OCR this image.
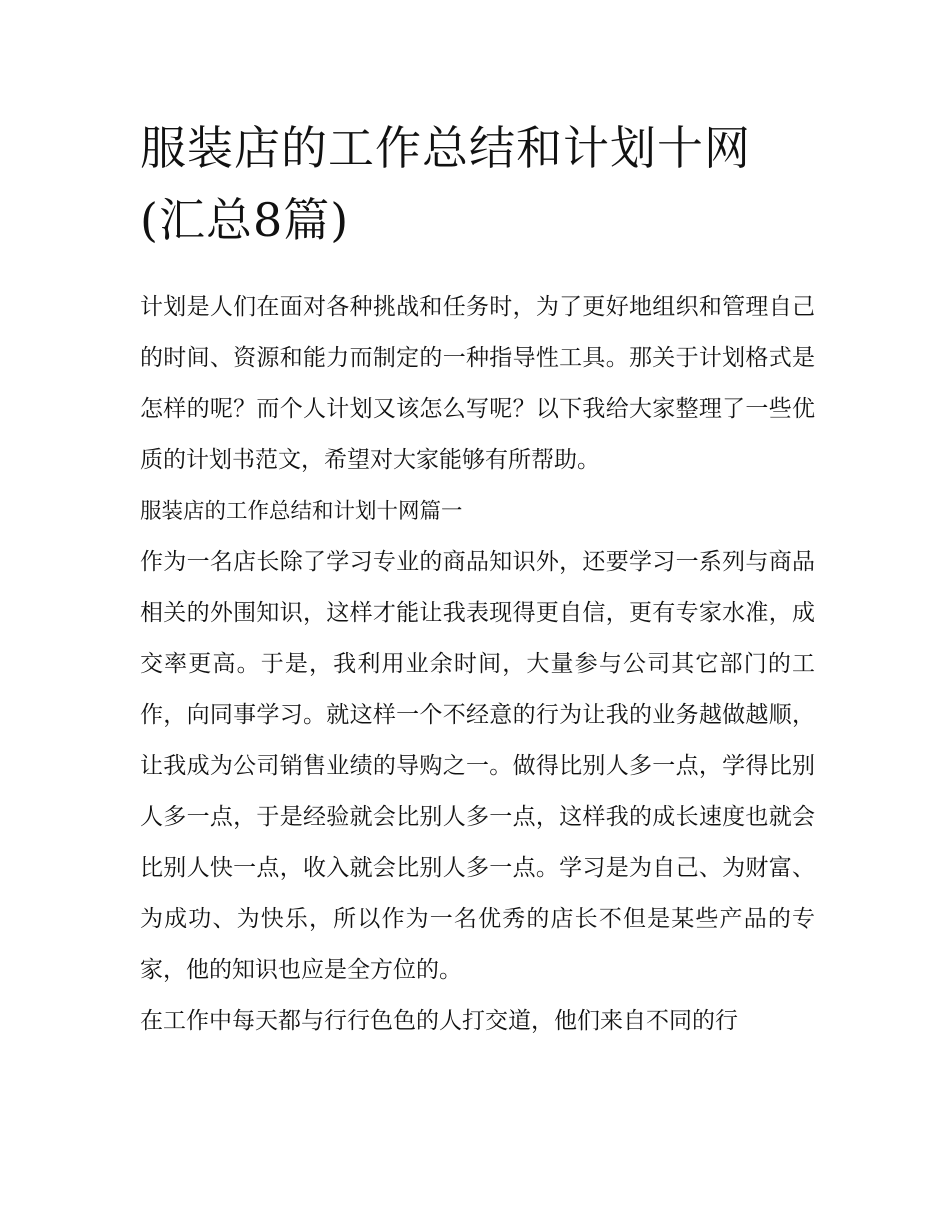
服装店的工作总结和计划十网(汇总8篇)

计划是人们在面对各种挑战和任务时，为了更好地组织和管理自己的时间、资源和能力而制定的一种指导性工具。那关于计划格式是怎样的呢？而个人计划又该怎么写呢？以下我给大家整理了一些优质的计划书范文，希望对大家能够有所帮助。

服装店的工作总结和计划十网篇一

作为一名店长除了学习专业的商品知识外，还要学习一系列与商品相关的外围知识，这样才能让我表现得更自信，更有专家水准，成交率更高。于是，我利用业余时间，大量参与公司其它部门的工作，向同事学习。就这样一个不经意的行为让我的业务越做越顺，让我成为公司销售业绩的导购之一。做得比别人多一点，学得比别人多一点，于是经验就会比别人多一点，这样我的成长速度也就会比别人快一点，收入就会比别人多一点。学习是为自己、为财富、为成功、为快乐，所以作为一名优秀的店长不但是某些产品的专家，他的知识也应是全方位的。

在工作中每天都与行行色色的人打交道，他们来自不同的行
